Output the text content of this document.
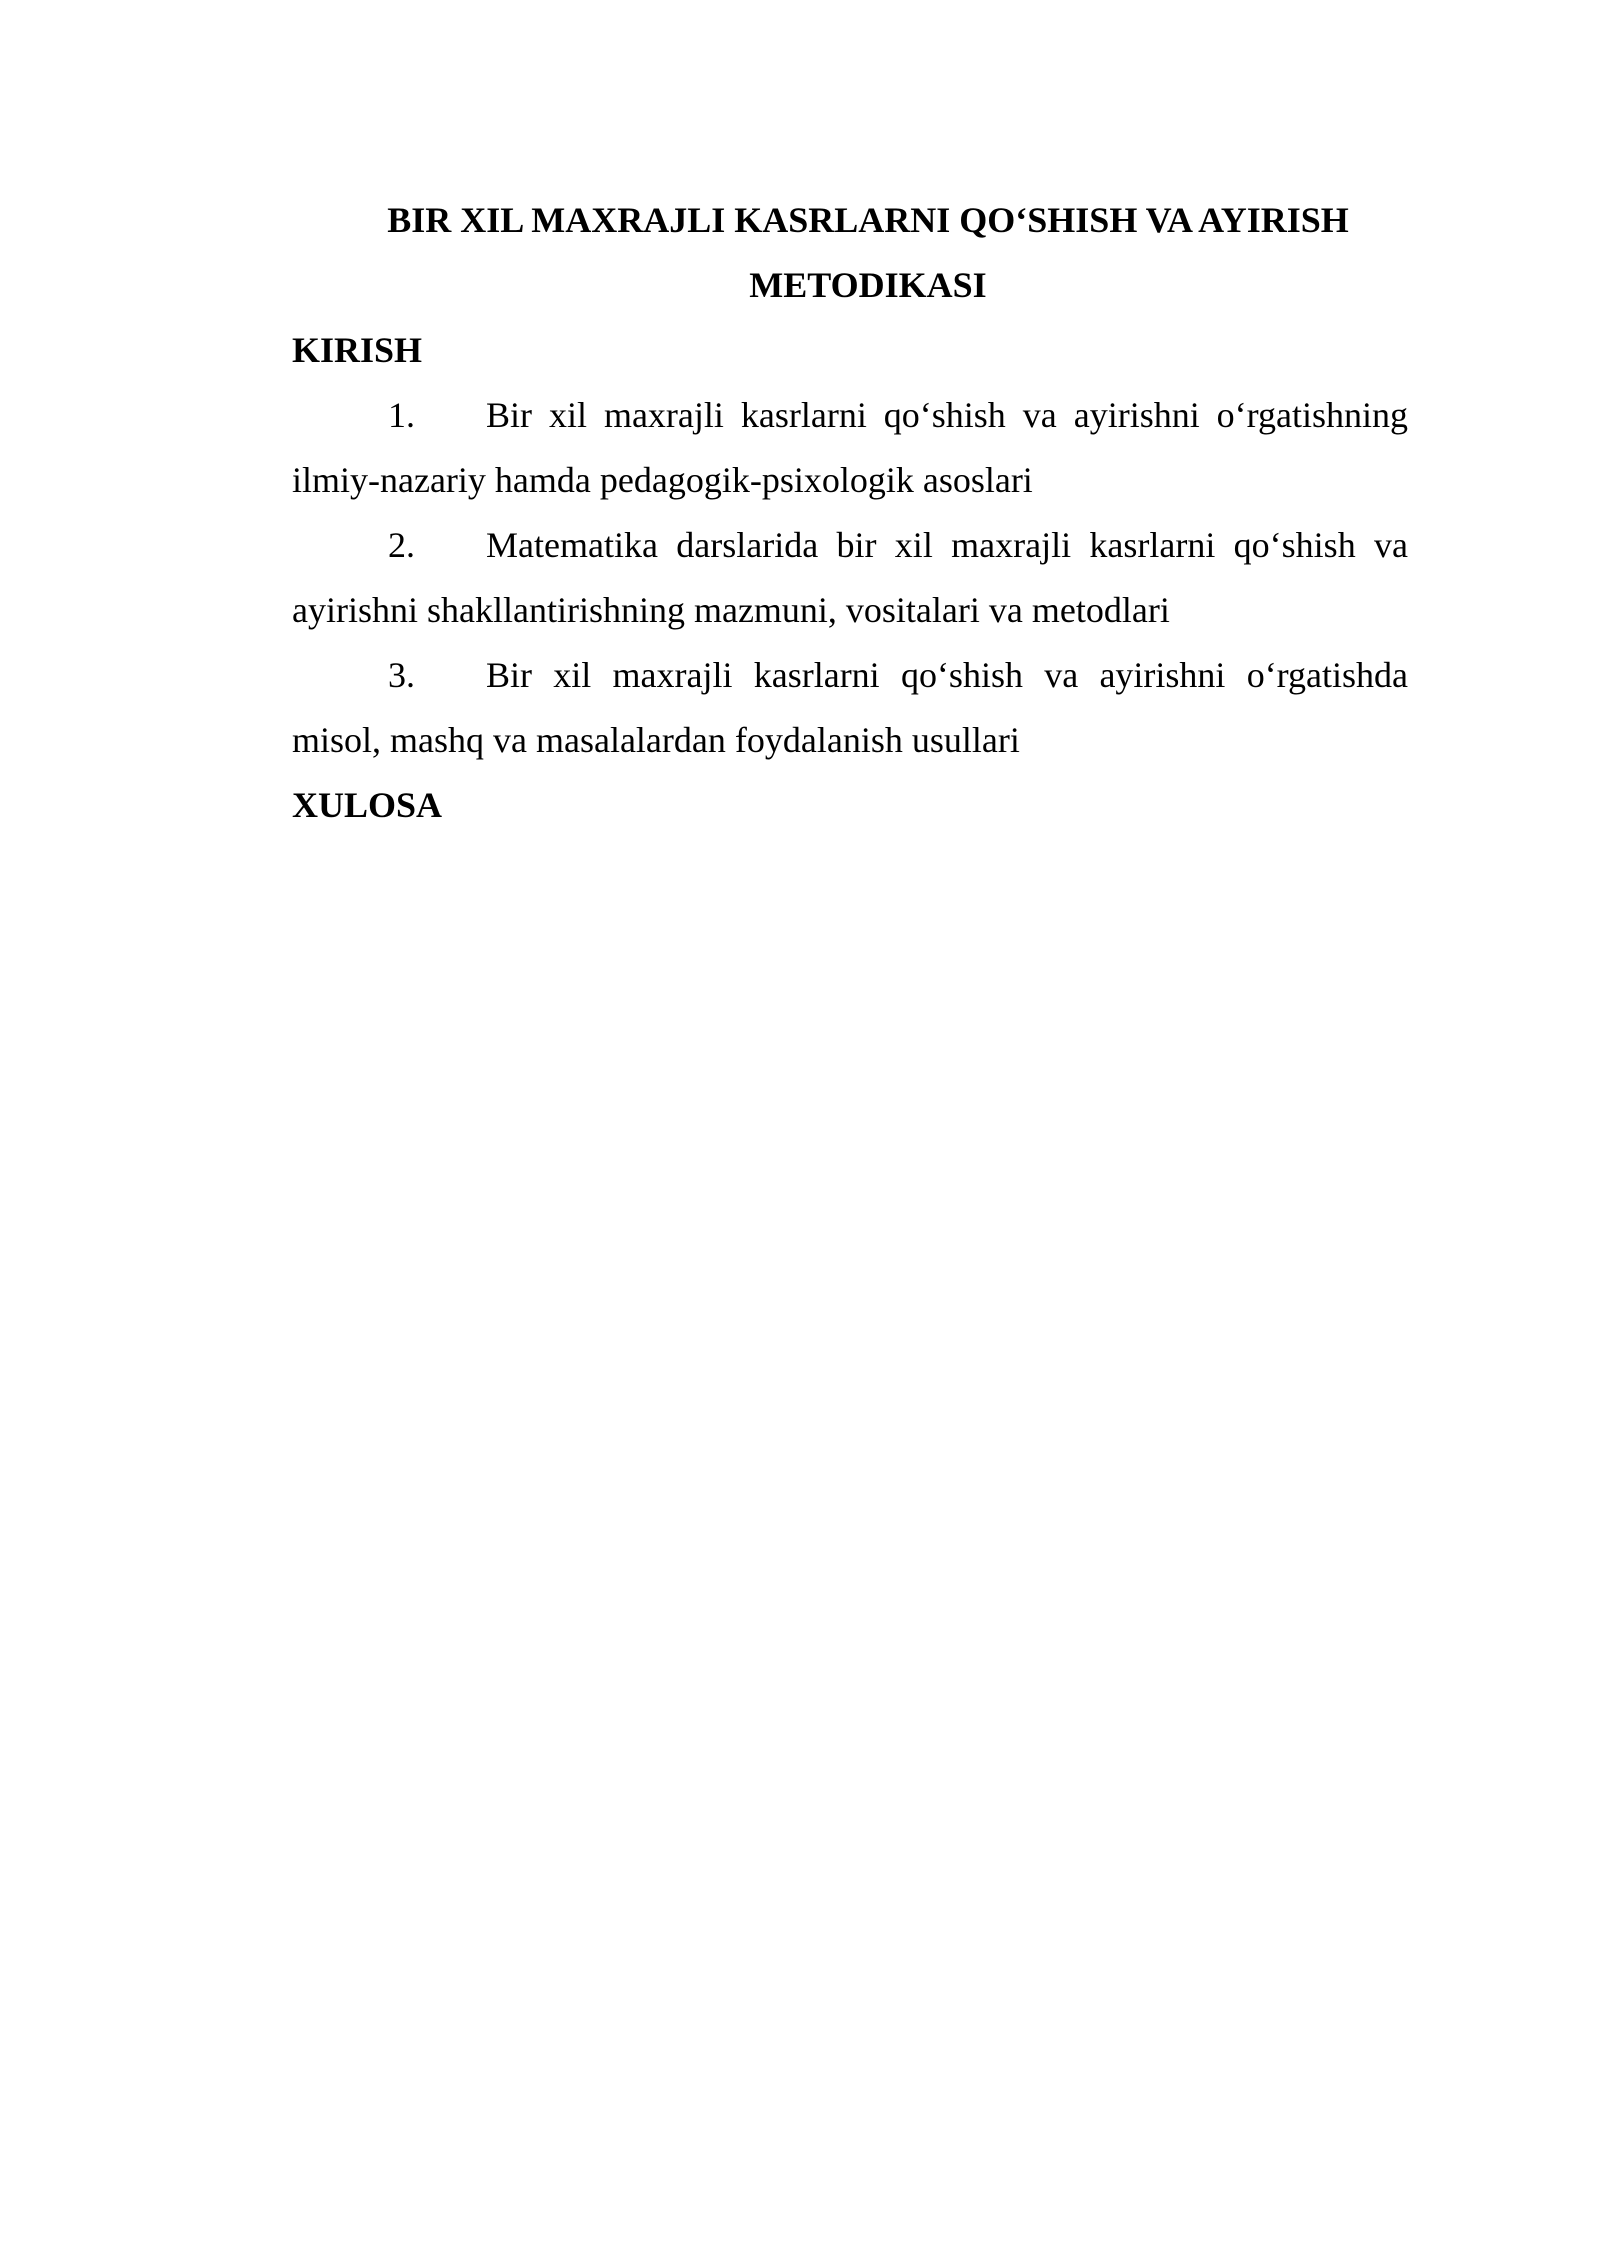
BIR XIL MAXRAJLI KASRLARNI QO‘SHISH VA AYIRISH
METODIKASI

KIRISH

1. Bir xil maxrajli kasrlarni qo‘shish va ayirishni o‘rgatishning ilmiy-nazariy hamda pedagogik-psixologik asoslari

2. Matematika darslarida bir xil maxrajli kasrlarni qo‘shish va ayirishni shakllantirishning mazmuni, vositalari va metodlari

3. Bir xil maxrajli kasrlarni qo‘shish va ayirishni o‘rgatishda misol, mashq va masalalardan foydalanish usullari

XULOSA
